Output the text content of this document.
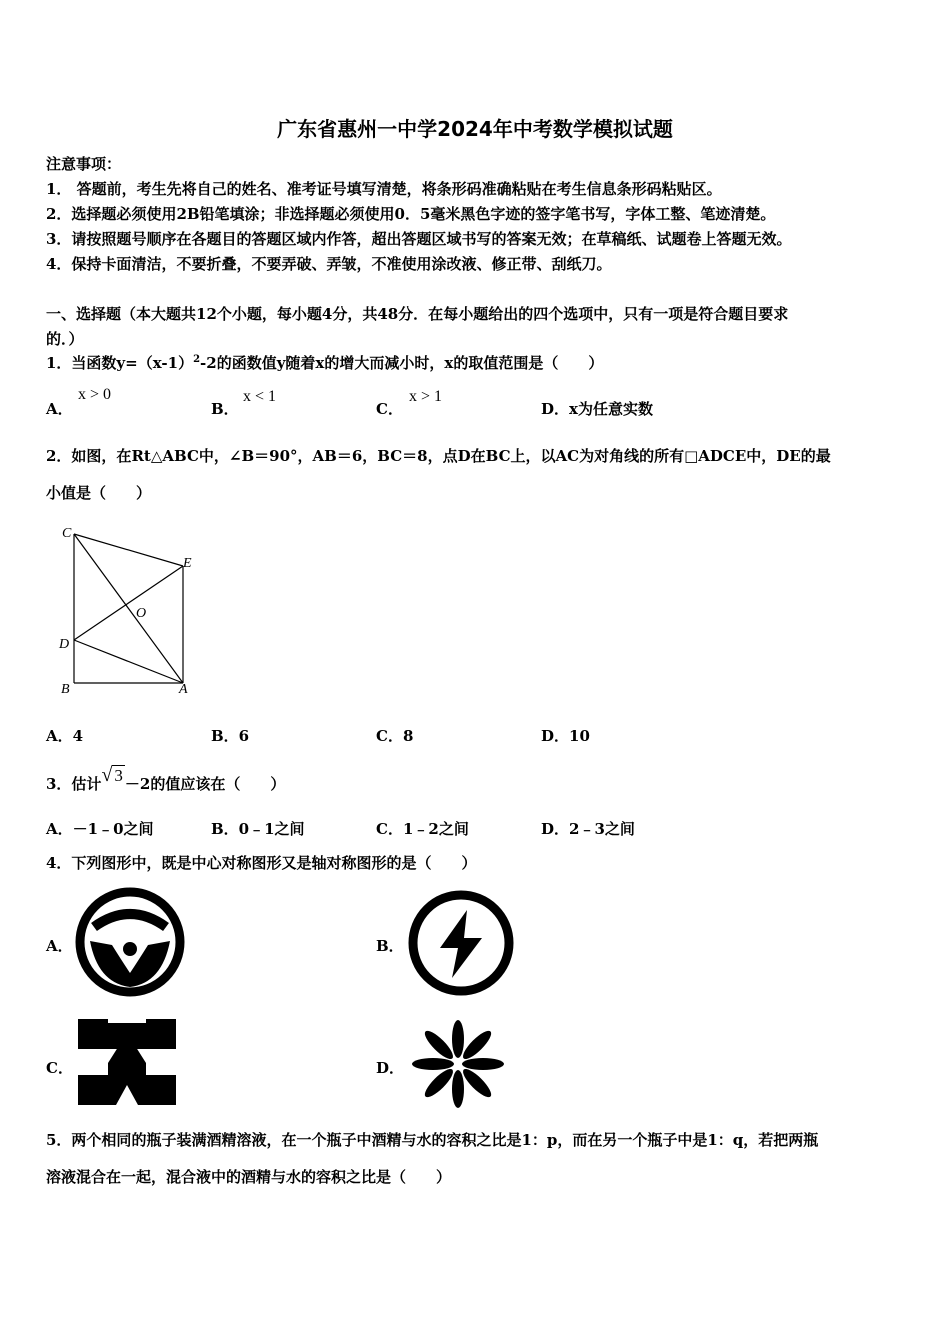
广东省惠州一中学2024年中考数学模拟试题
注意事项：
1． 答题前，考生先将自己的姓名、准考证号填写清楚，将条形码准确粘贴在考生信息条形码粘贴区。
2．选择题必须使用2B铅笔填涂；非选择题必须使用0．5毫米黑色字迹的签字笔书写，字体工整、笔迹清楚。
3．请按照题号顺序在各题目的答题区域内作答，超出答题区域书写的答案无效；在草稿纸、试题卷上答题无效。
4．保持卡面清洁，不要折叠，不要弄破、弄皱，不准使用涂改液、修正带、刮纸刀。
一、选择题（本大题共12个小题，每小题4分，共48分．在每小题给出的四个选项中，只有一项是符合题目要求
的．）
1．当函数$y=(x-1)^2-2$的函数值y随着x的增大而减小时，x的取值范围是（　　）
A．
x > 0
B．
x < 1
C．
x > 1
D．x为任意实数
2．如图，在Rt△ABC中，∠B＝90°，AB＝6，BC＝8，点D在BC上，以AC为对角线的所有□ADCE中，DE的最
小值是（　　）
C
E
O
D
B	A
A．4	B．6	C．8	D．10
3．估计√ 3 －2的值应该在（　　）
A．－1﹣0之间	B．0﹣1之间	C．1﹣2之间	D．2﹣3之间
4．下列图形中，既是中心对称图形又是轴对称图形的是（　　）
A．	B．
C．	D．
5．两个相同的瓶子装满酒精溶液，在一个瓶子中酒精与水的容积之比是1：p，而在另一个瓶子中是1：q，若把两瓶
溶液混合在一起，混合液中的酒精与水的容积之比是（　　）
